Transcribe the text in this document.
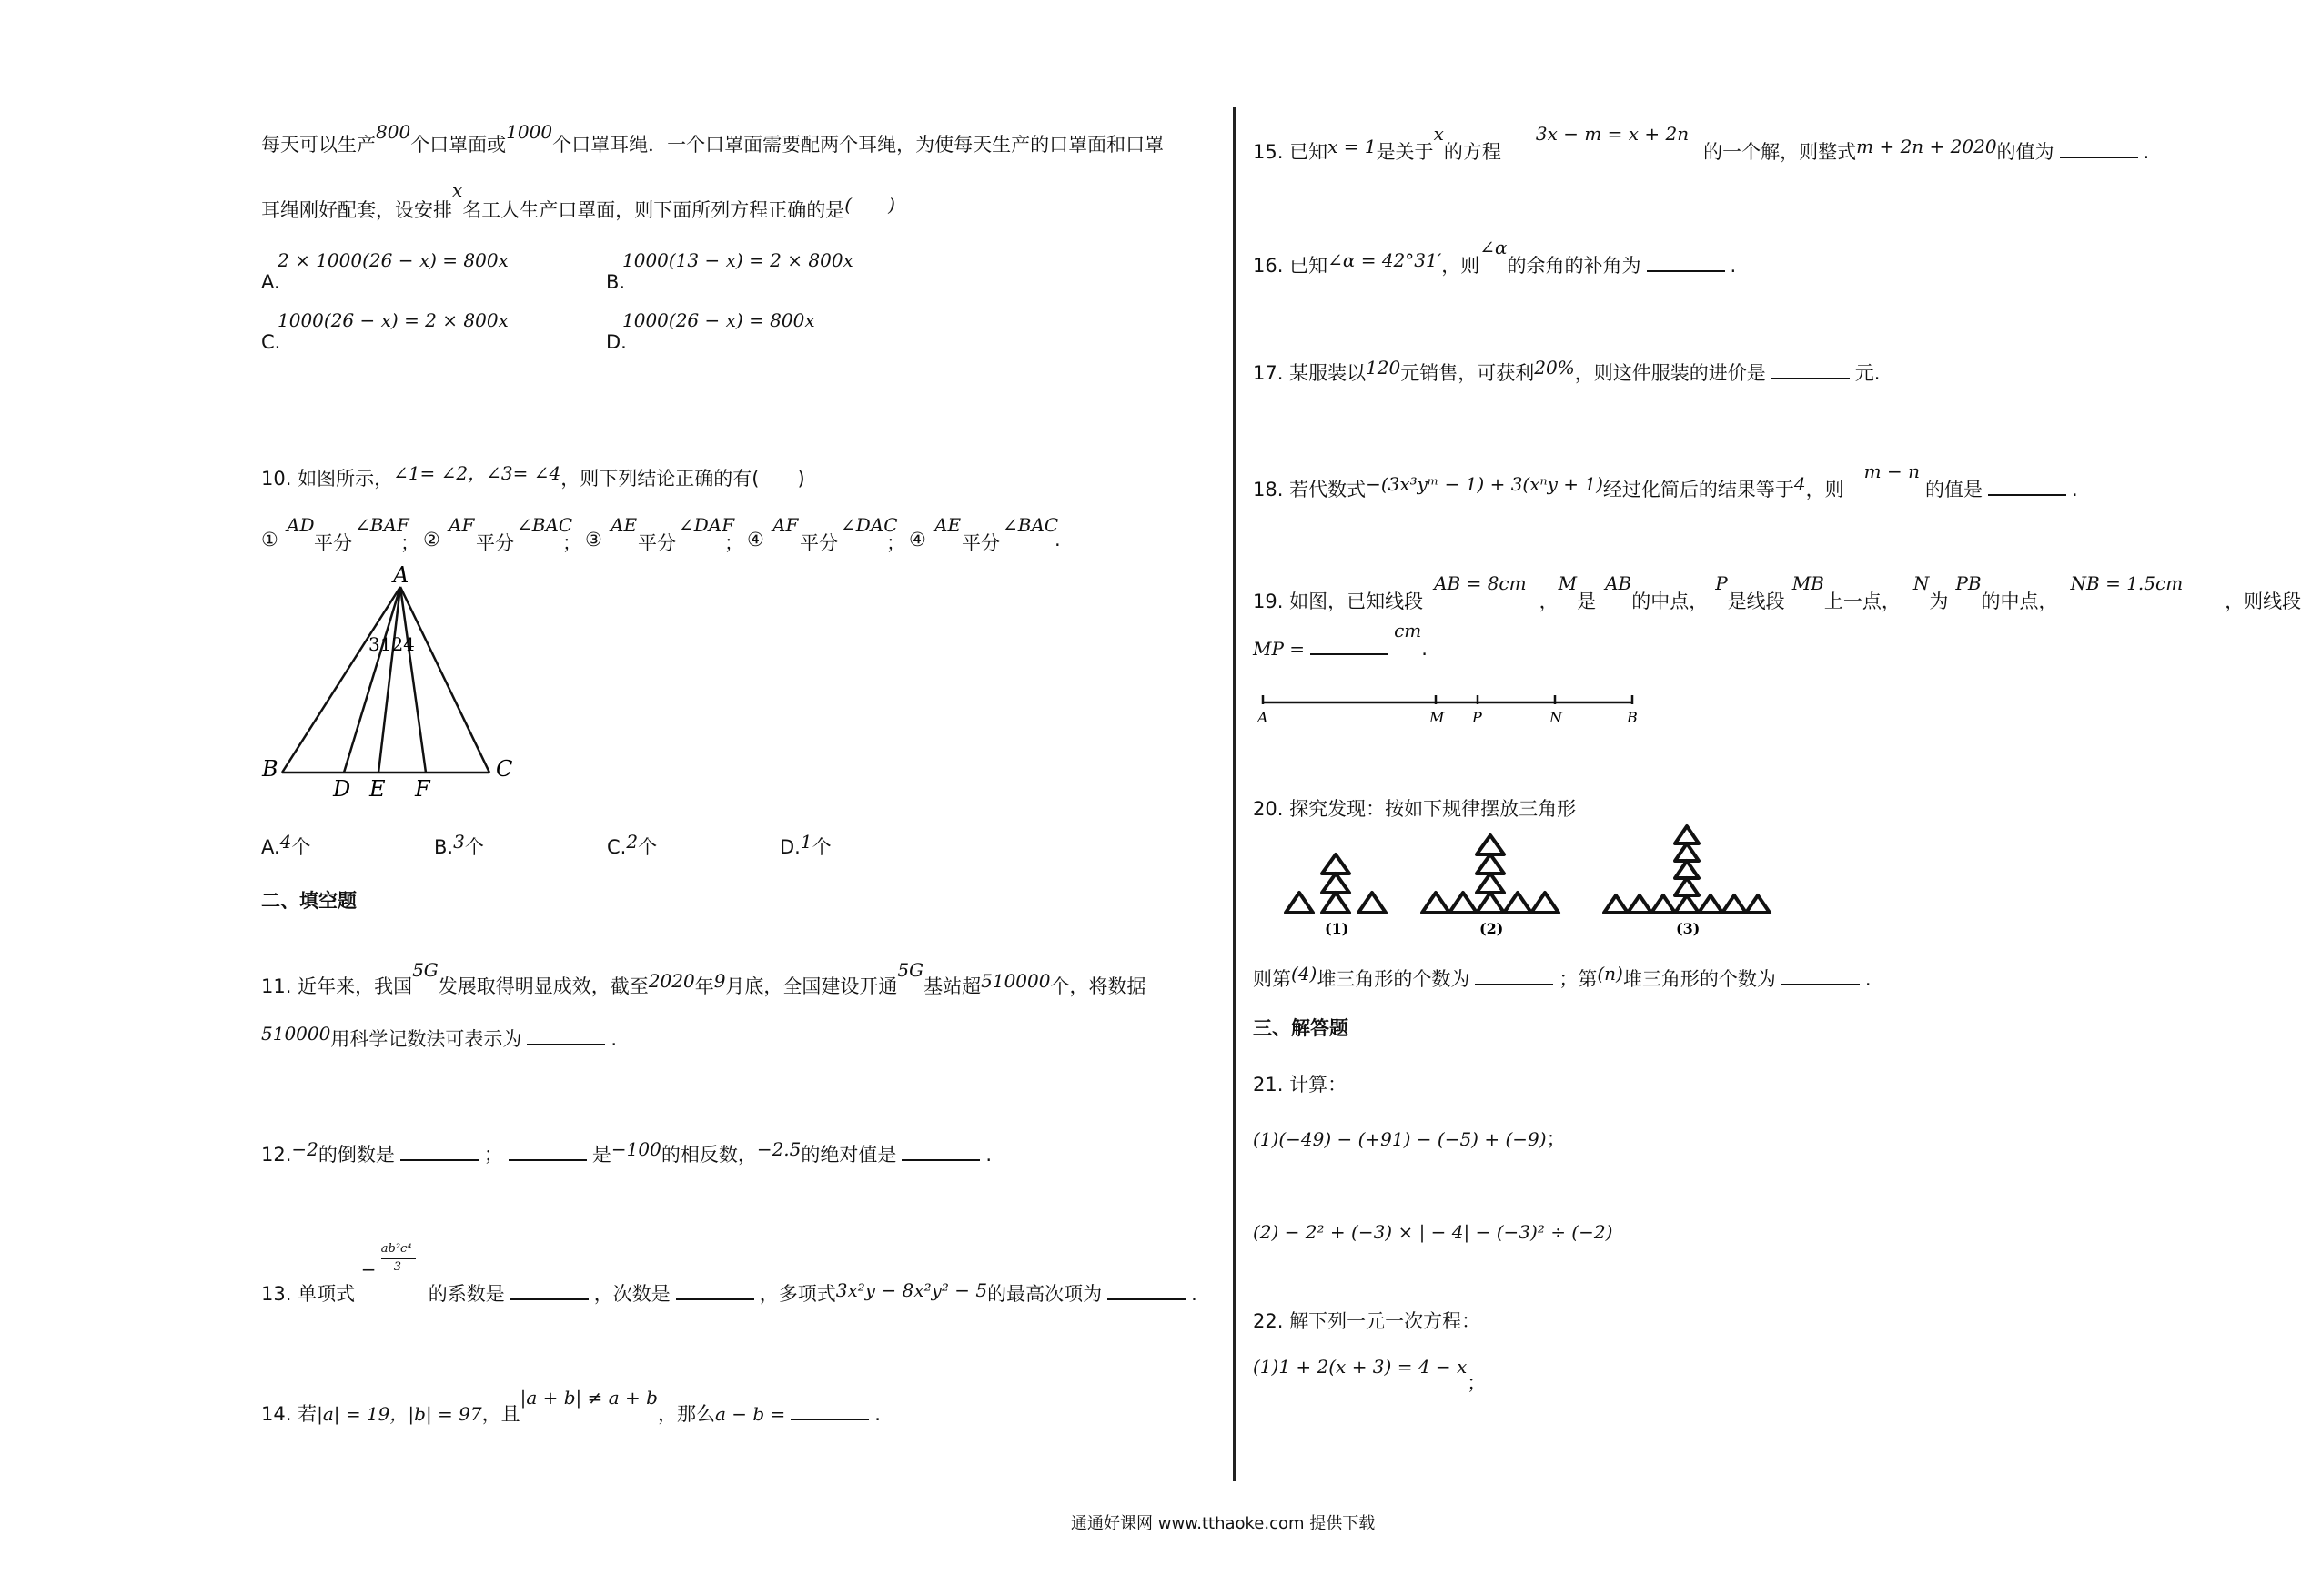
每天可以生产800个口罩面或1000个口罩耳绳．一个口罩面需要配两个耳绳，为使每天生产的口罩面和口罩
耳绳刚好配套，设安排x名工人生产口罩面，则下面所列方程正确的是(　　)
2 × 1000(26 − x) = 800x
A.
1000(13 − x) = 2 × 800x
B.
1000(26 − x) = 2 × 800x
C.
1000(26 − x) = 800x
D.
10. 如图所示，∠1= ∠2，∠3= ∠4，则下列结论正确的有(　　)
①
AD
平分
∠BAF
； ②
AF
平分
∠BAC
； ③
AE
平分
∠DAF
； ④
AF
平分
∠DAC
； ④
AE
平分
∠BAC
.
A
B	C
D E F
3124
A.4个	B.3个	C.2个	D.1个
二、填空题
11. 近年来，我国5G发展取得明显成效，截至2020年9月底，全国建设开通5G基站超510000个，将数据
510000用科学记数法可表示为	.
12.−2的倒数是	；	是−100的相反数，−2.5的绝对值是	.
13. 单项式
−
ab²c⁴
3
的系数是	，次数是	，多项式3x²y − 8x²y² − 5的最高次项为	.
14. 若|a| = 19，|b| = 97，且|a + b| ≠ a + b，那么a − b =	.
15. 已知x = 1是关于x的方程3x − m = x + 2n的一个解，则整式m + 2n + 2020的值为	.
16. 已知∠α = 42°31′，则∠α的余角的补角为	.
17. 某服装以120元销售，可获利20%，则这件服装的进价是	元.
18. 若代数式−(3x³yᵐ − 1) + 3(xⁿy + 1)经过化简后的结果等于4，则m − n的值是	.
19. 如图，已知线段AB = 8cm，M是AB的中点，P是线段MB上一点，N为PB的中点，NB = 1.5cm，则线段
MP =cm.
A	M P	N	B
20. 探究发现：按如下规律摆放三角形
(1)	(2)	(3)
则第(4)堆三角形的个数为	；第(n)堆三角形的个数为	.
三、解答题
21. 计算：
(1)(−49) − (+91) − (−5) + (−9)；
(2) − 2² + (−3) × | − 4| − (−3)² ÷ (−2)
22. 解下列一元一次方程：
(1)1 + 2(x + 3) = 4 − x；
通通好课网 www.tthaoke.com 提供下载
